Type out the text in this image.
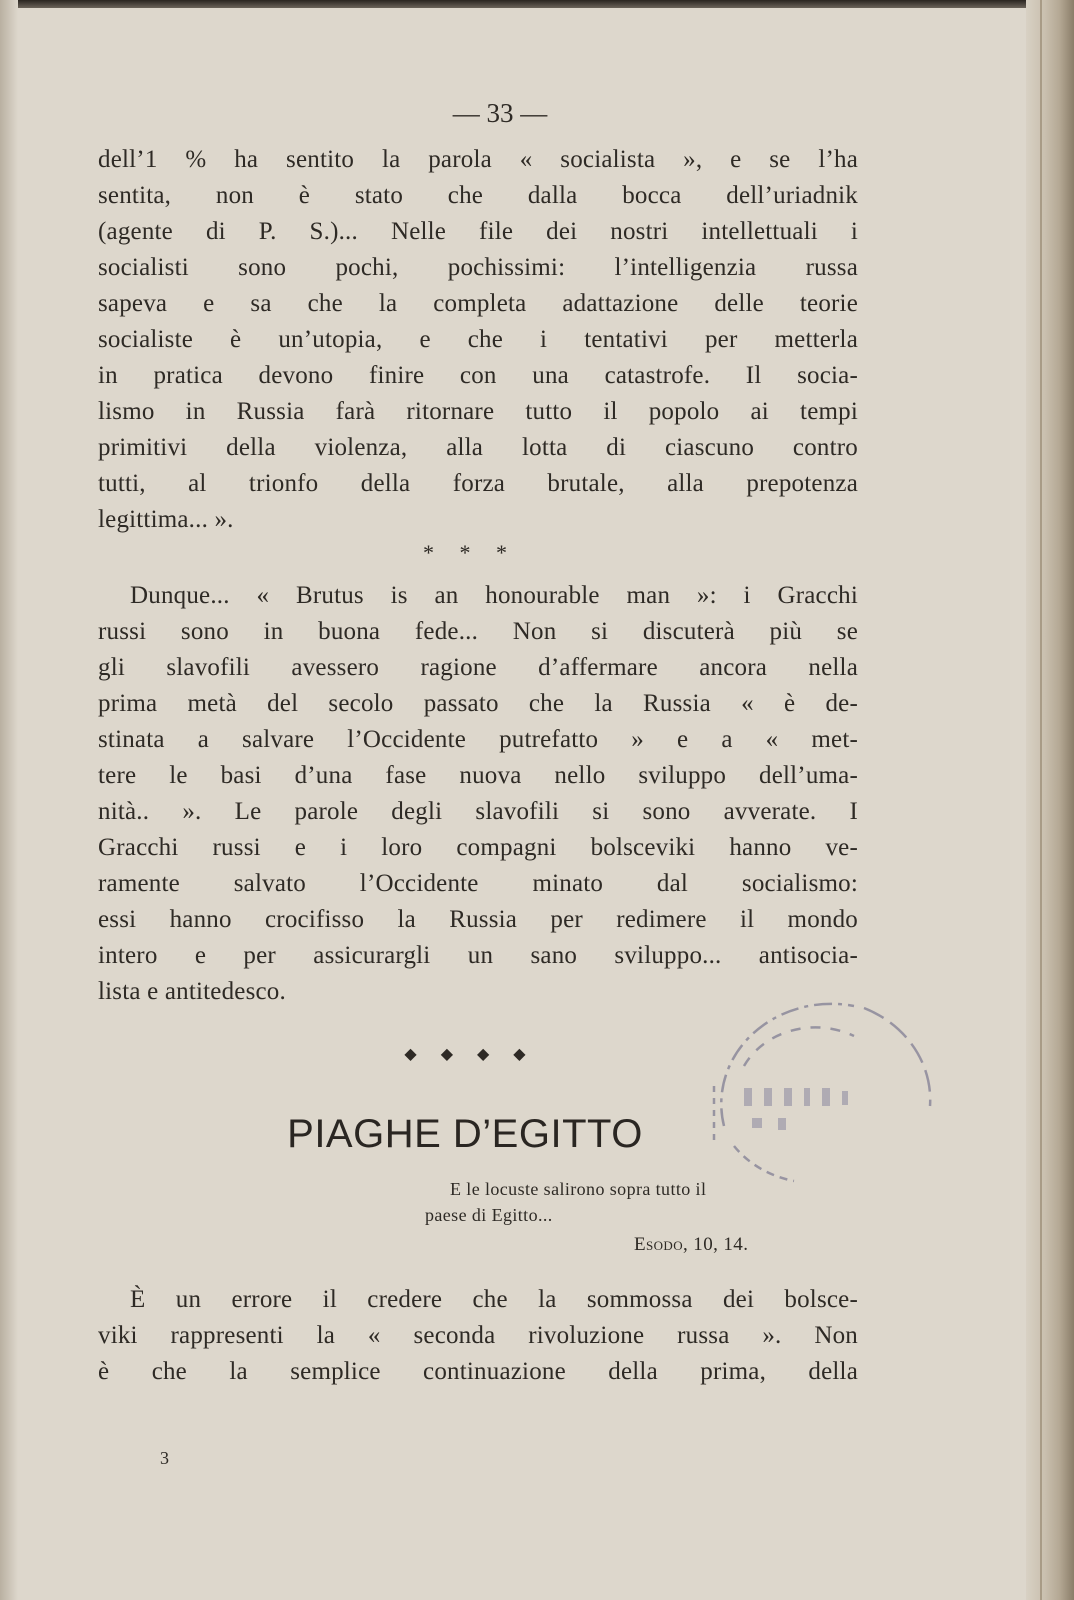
— 33 —
dell’1 % ha sentito la parola « socialista », e se l’ha
sentita, non è stato che dalla bocca dell’uriadnik
(agente di P. S.)... Nelle file dei nostri intellettuali i
socialisti sono pochi, pochissimi: l’intelligenzia russa
sapeva e sa che la completa adattazione delle teorie
socialiste è un’utopia, e che i tentativi per metterla
in pratica devono finire con una catastrofe. Il socia-
lismo in Russia farà ritornare tutto il popolo ai tempi
primitivi della violenza, alla lotta di ciascuno contro
tutti, al trionfo della forza brutale, alla prepotenza
legittima... ».
* * *
Dunque... « Brutus is an honourable man »: i Gracchi
russi sono in buona fede... Non si discuterà più se
gli slavofili avessero ragione d’affermare ancora nella
prima metà del secolo passato che la Russia « è de-
stinata a salvare l’Occidente putrefatto » e a « met-
tere le basi d’una fase nuova nello sviluppo dell’uma-
nità.. ». Le parole degli slavofili si sono avverate. I
Gracchi russi e i loro compagni bolsceviki hanno ve-
ramente salvato l’Occidente minato dal socialismo:
essi hanno crocifisso la Russia per redimere il mondo
intero e per assicurargli un sano sviluppo... antisocia-
lista e antitedesco.
◆ ◆ ◆ ◆
PIAGHE D’EGITTO
E le locuste salirono sopra tutto il
paese di Egitto...
Esodo, 10, 14.
È un errore il credere che la sommossa dei bolsce-
viki rappresenti la « seconda rivoluzione russa ». Non
è che la semplice continuazione della prima, della
3
